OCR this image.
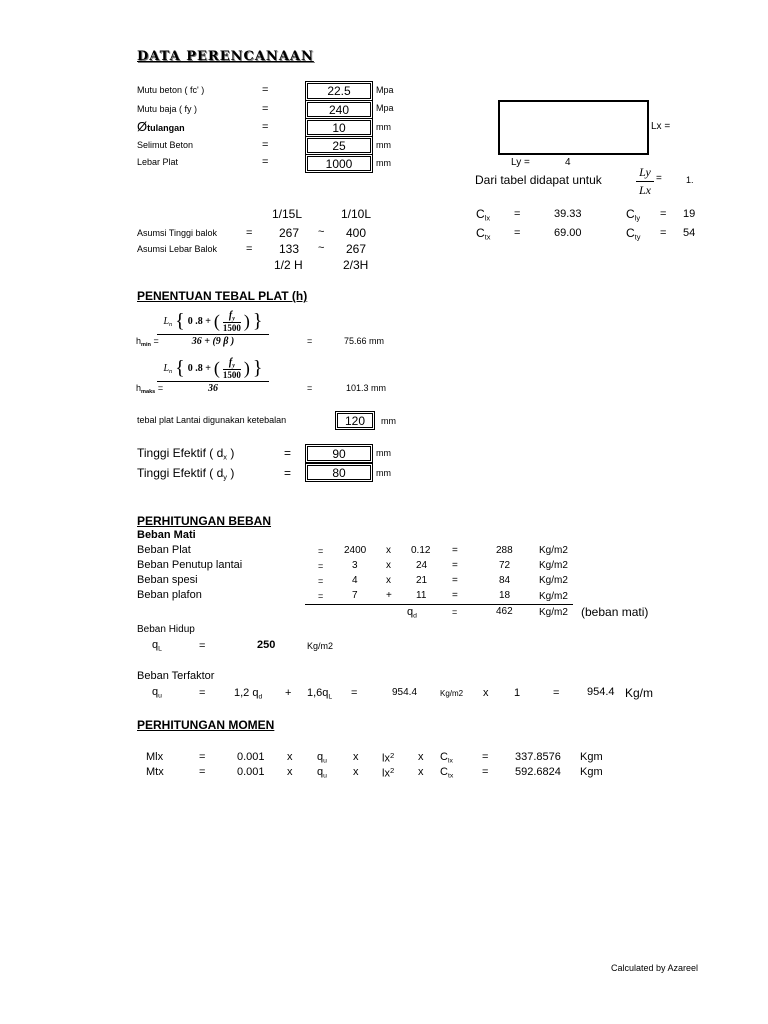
DATA PERENCANAAN
Mutu beton ( fc' )	=	22.5	Mpa
Mutu baja ( fy )	=	240	Mpa
Øtulangan	=	10	mm
Selimut Beton	=	25	mm
Lebar Plat	=	1000	mm
Lx =
Ly =	4
Dari tabel didapat untuk
Ly
Lx
=	1.
$C_{lx}$ =	39.33	$C_{ly} = 19$
$C_{tx}$ =	69.00	$C_{ty} = 54$
1/15L	1/10L
Asumsi Tinggi balok	= 267 ~ 400
Asumsi Lebar Balok	= 133 ~ 267
1/2 H	2/3H
PENENTUAN TEBAL PLAT (h)
$h_{min}$ =
$L_n$ { 0 .8 + ( $f_y$
1500 ) }
36 + (9 β )	=	75.66 mm
$h_{maks}$ =
$L_n$ { 0 .8 + ( $f_y$
1500 ) }
36	=	101.3 mm
tebal plat Lantai digunakan ketebalan	120	mm
Tinggi Efektif ( $d_x$ )	=	90	mm
Tinggi Efektif ( $d_y$ )	=	80	mm
PERHITUNGAN BEBAN
Beban Mati
Beban Plat	= 2400 x 0.12 =	288	Kg/m2
Beban Penutup lantai	=	3	x	24 =	72	Kg/m2
Beban spesi	=	4	x	21 =	84	Kg/m2
Beban plafon	=	7	+ 11	=	18	Kg/m2
$q_d$	=	462	Kg/m2 (beban mati)
Beban Hidup
$q_L$	=	250	Kg/m2
Beban Terfaktor
$q_u$	=	1,2 $q_d + 1,6q_L$ =	954.4	Kg/m2 x 1	=	954.4 Kg/m
PERHITUNGAN MOMEN
Mlx	=	0.001 x $q_u$ x $lx^2$ x $C_{lx}$	= 337.8576 Kgm
Mtx	=	0.001 x $q_u$ x $lx^2$ x $C_{tx}$	= 592.6824 Kgm
Calculated by Azareel
